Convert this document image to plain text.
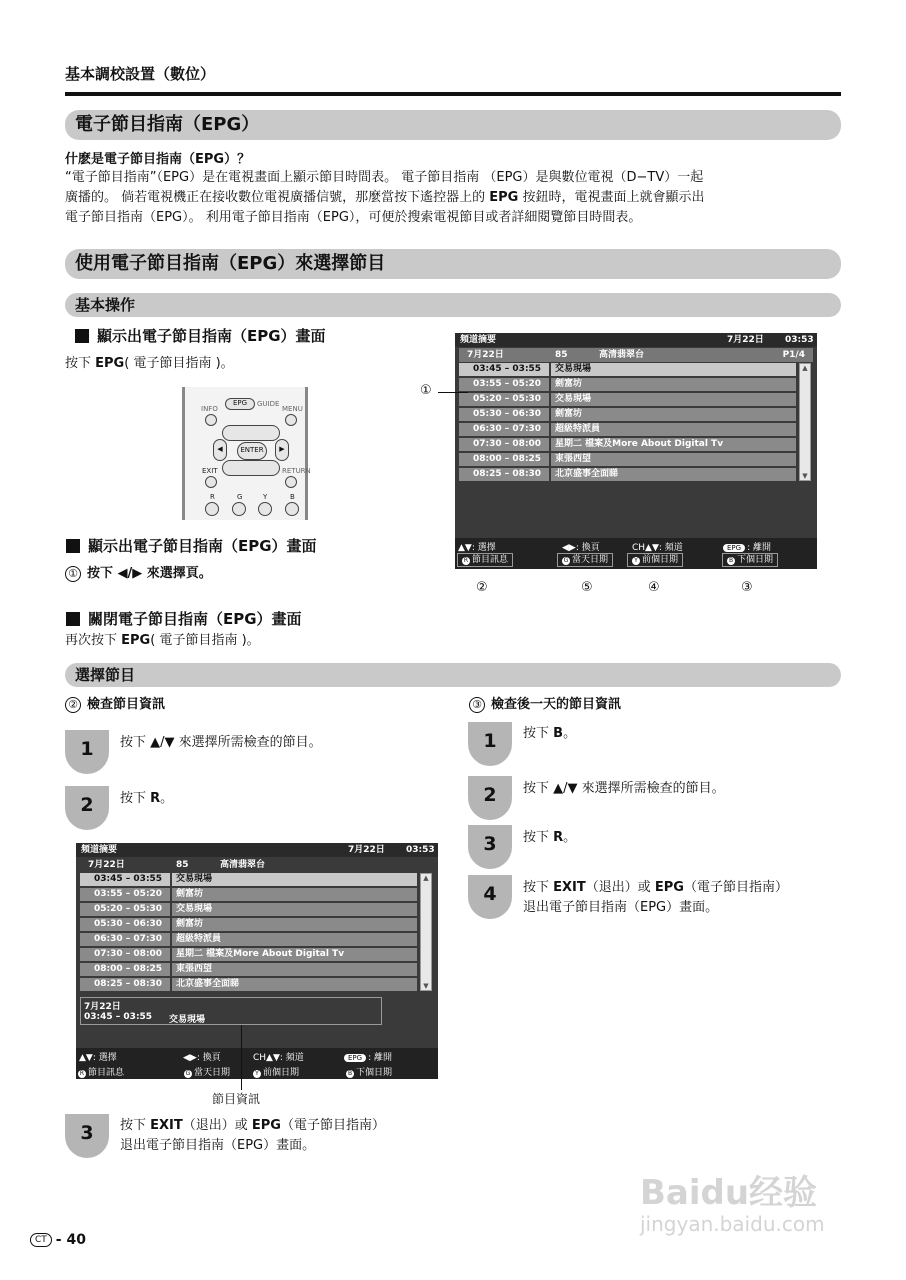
基本調校設置（數位）
電子節目指南（EPG）
什麽是電子節目指南（EPG）？
“電子節目指南”（EPG）是在電視畫面上顯示節目時間表。 電子節目指南 （EPG）是與數位電視（D−TV）一起
廣播的。 倘若電視機正在接收數位電視廣播信號，那麼當按下遙控器上的 EPG 按鈕時，電視畫面上就會顯示出
電子節目指南（EPG）。 利用電子節目指南（EPG），可便於搜索電視節目或者詳細閱覽節目時間表。
使用電子節目指南（EPG）來選擇節目
基本操作
顯示出電子節目指南（EPG）畫面
按下 EPG( 電子節目指南 )。
INFO
EPG	GUIDE
MENU
◀	ENTER	▶
EXIT	RETURN
R	G	Y	B
顯示出電子節目指南（EPG）畫面
① 按下 ◀/▶ 來選擇頁。
關閉電子節目指南（EPG）畫面
再次按下 EPG( 電子節目指南 )。
頻道摘要	7月22日 03:53
7月22日	85	高清翡翠台	P1/4
03:45 – 03:55	交易現場
03:55 – 05:20	劍富坊
05:20 – 05:30	交易現場
05:30 – 06:30	劍富坊
06:30 – 07:30	超級特派員
07:30 – 08:00	星期二 檔案及More About Digital Tv
08:00 – 08:25	東張西望
08:25 – 08:30	北京盛事全面睇
▲
▼
▲▼: 選擇	◀▶: 換頁	CH▲▼: 頻道	EPG : 離開
R 節目訊息	G 當天日期	Y 前個日期	B 下個日期
①
②	⑤	④	③
選擇節目
② 檢查節目資訊	③ 檢查後一天的節目資訊
1	按下 ▲/▼ 來選擇所需檢查的節目。
2	按下 R。
頻道摘要	7月22日 03:53
7月22日	85	高清翡翠台
03:45 – 03:55	交易現場
03:55 – 05:20	劍富坊
05:20 – 05:30	交易現場
05:30 – 06:30	劍富坊
06:30 – 07:30	超級特派員
07:30 – 08:00	星期二 檔案及More About Digital Tv
08:00 – 08:25	東張西望
08:25 – 08:30	北京盛事全面睇
▲
▼
7月22日
03:45 – 03:55 交易現場
▲▼: 選擇	◀▶: 換頁	CH▲▼: 頻道	EPG : 離開
R 節目訊息	G 當天日期	Y 前個日期	B 下個日期
節目資訊
3	按下 EXIT（退出）或 EPG（電子節目指南）
退出電子節目指南（EPG）畫面。
1	按下 B。
2	按下 ▲/▼ 來選擇所需檢查的節目。
3	按下 R。
4	按下 EXIT（退出）或 EPG（電子節目指南）
退出電子節目指南（EPG）畫面。
CT - 40
Baidu经验
jingyan.baidu.com
